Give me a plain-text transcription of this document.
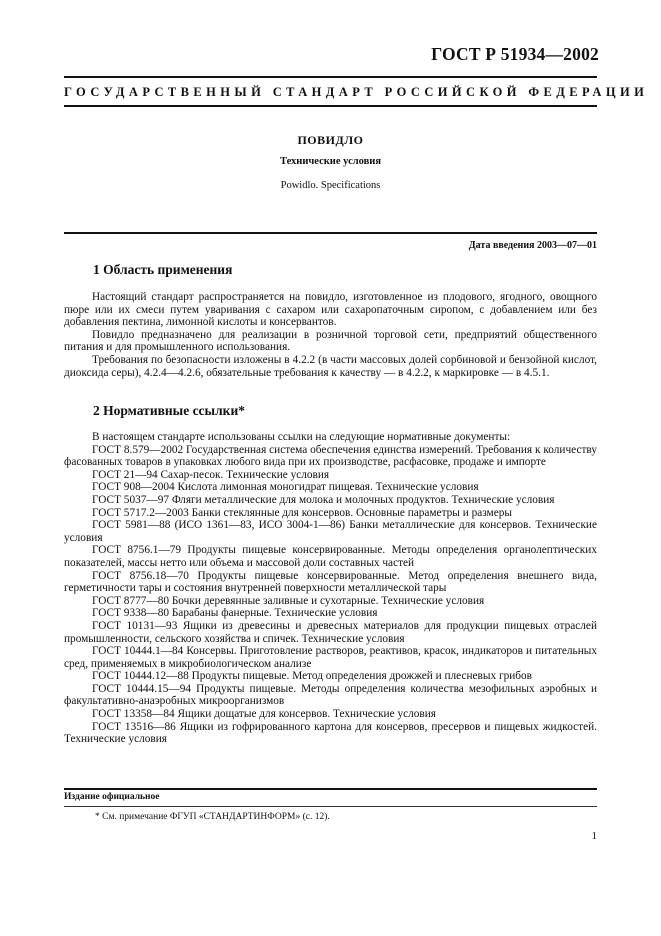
ГОСТ Р 51934—2002
ГОСУДАРСТВЕННЫЙ СТАНДАРТ РОССИЙСКОЙ ФЕДЕРАЦИИ
ПОВИДЛО
Технические условия
Powidlo. Specifications
Дата введения 2003—07—01
1 Область применения

Настоящий стандарт распространяется на повидло, изготовленное из плодового, ягодного, овощного пюре или их смеси путем уваривания с сахаром или сахаропаточным сиропом, с добавлением или без добавления пектина, лимонной кислоты и консервантов.

Повидло предназначено для реализации в розничной торговой сети, предприятий общественного питания и для промышленного использования.

Требования по безопасности изложены в 4.2.2 (в части массовых долей сорбиновой и бензойной кислот, диоксида серы), 4.2.4—4.2.6, обязательные требования к качеству — в 4.2.2, к маркировке — в 4.5.1.

2 Нормативные ссылки*

В настоящем стандарте использованы ссылки на следующие нормативные документы:

ГОСТ 8.579—2002 Государственная система обеспечения единства измерений. Требования к количеству фасованных товаров в упаковках любого вида при их производстве, расфасовке, продаже и импорте

ГОСТ 21—94 Сахар-песок. Технические условия

ГОСТ 908—2004 Кислота лимонная моногидрат пищевая. Технические условия

ГОСТ 5037—97 Фляги металлические для молока и молочных продуктов. Технические условия

ГОСТ 5717.2—2003 Банки стеклянные для консервов. Основные параметры и размеры

ГОСТ 5981—88 (ИСО 1361—83, ИСО 3004-1—86) Банки металлические для консервов. Технические условия

ГОСТ 8756.1—79 Продукты пищевые консервированные. Методы определения органолептических показателей, массы нетто или объема и массовой доли составных частей

ГОСТ 8756.18—70 Продукты пищевые консервированные. Метод определения внешнего вида, герметичности тары и состояния внутренней поверхности металлической тары

ГОСТ 8777—80 Бочки деревянные заливные и сухотарные. Технические условия

ГОСТ 9338—80 Барабаны фанерные. Технические условия

ГОСТ 10131—93 Ящики из древесины и древесных материалов для продукции пищевых отраслей промышленности, сельского хозяйства и спичек. Технические условия

ГОСТ 10444.1—84 Консервы. Приготовление растворов, реактивов, красок, индикаторов и питательных сред, применяемых в микробиологическом анализе

ГОСТ 10444.12—88 Продукты пищевые. Метод определения дрожжей и плесневых грибов

ГОСТ 10444.15—94 Продукты пищевые. Методы определения количества мезофильных аэробных и факультативно-анаэробных микроорганизмов

ГОСТ 13358—84 Ящики дощатые для консервов. Технические условия

ГОСТ 13516—86 Ящики из гофрированного картона для консервов, пресервов и пищевых жидкостей. Технические условия

Издание официальное
* См. примечание ФГУП «СТАНДАРТИНФОРМ» (с. 12).
1
